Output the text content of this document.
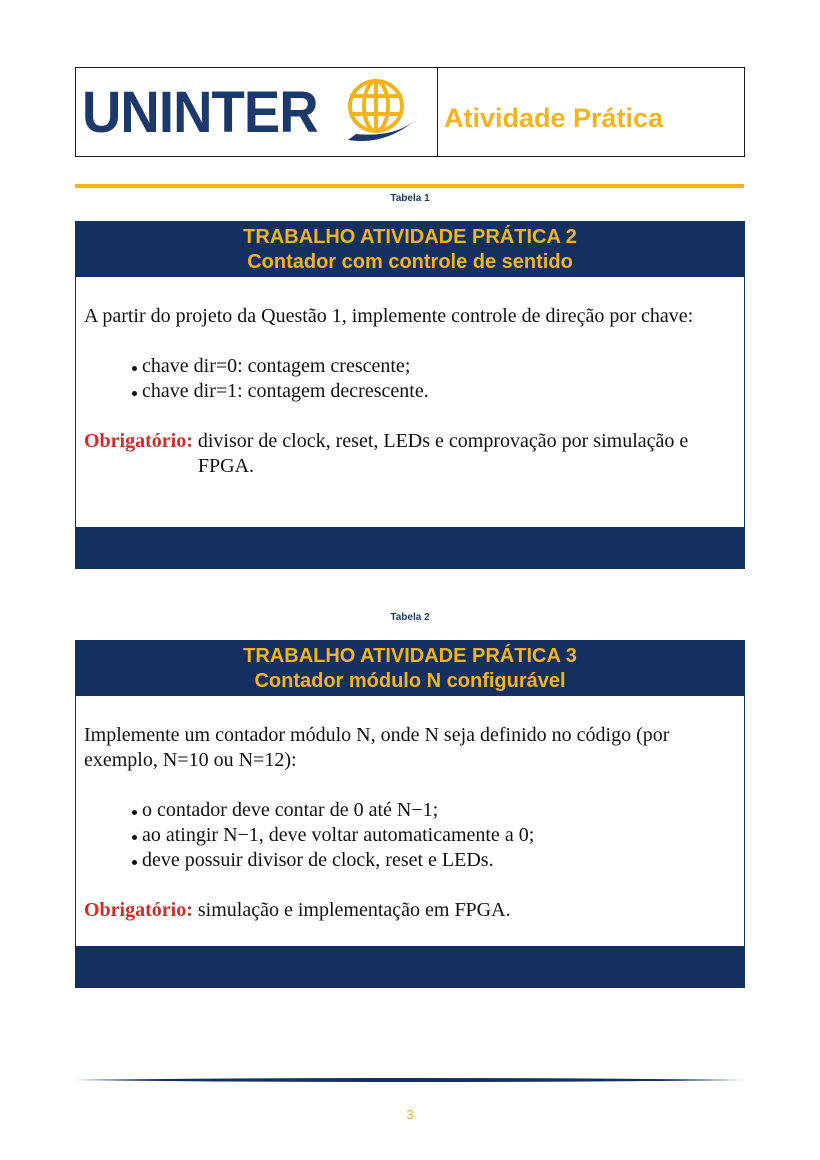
UNINTER	Atividade Prática
Tabela 1
TRABALHO ATIVIDADE PRÁTICA 2
Contador com controle de sentido
A partir do projeto da Questão 1, implemente controle de direção por chave:
chave dir=0: contagem crescente;
chave dir=1: contagem decrescente.
Obrigatório: divisor de clock, reset, LEDs e comprovação por simulação e FPGA.
Tabela 2
TRABALHO ATIVIDADE PRÁTICA 3
Contador módulo N configurável
Implemente um contador módulo N, onde N seja definido no código (por exemplo, N=10 ou N=12):
o contador deve contar de 0 até N−1;
ao atingir N−1, deve voltar automaticamente a 0;
deve possuir divisor de clock, reset e LEDs.
Obrigatório: simulação e implementação em FPGA.
3
